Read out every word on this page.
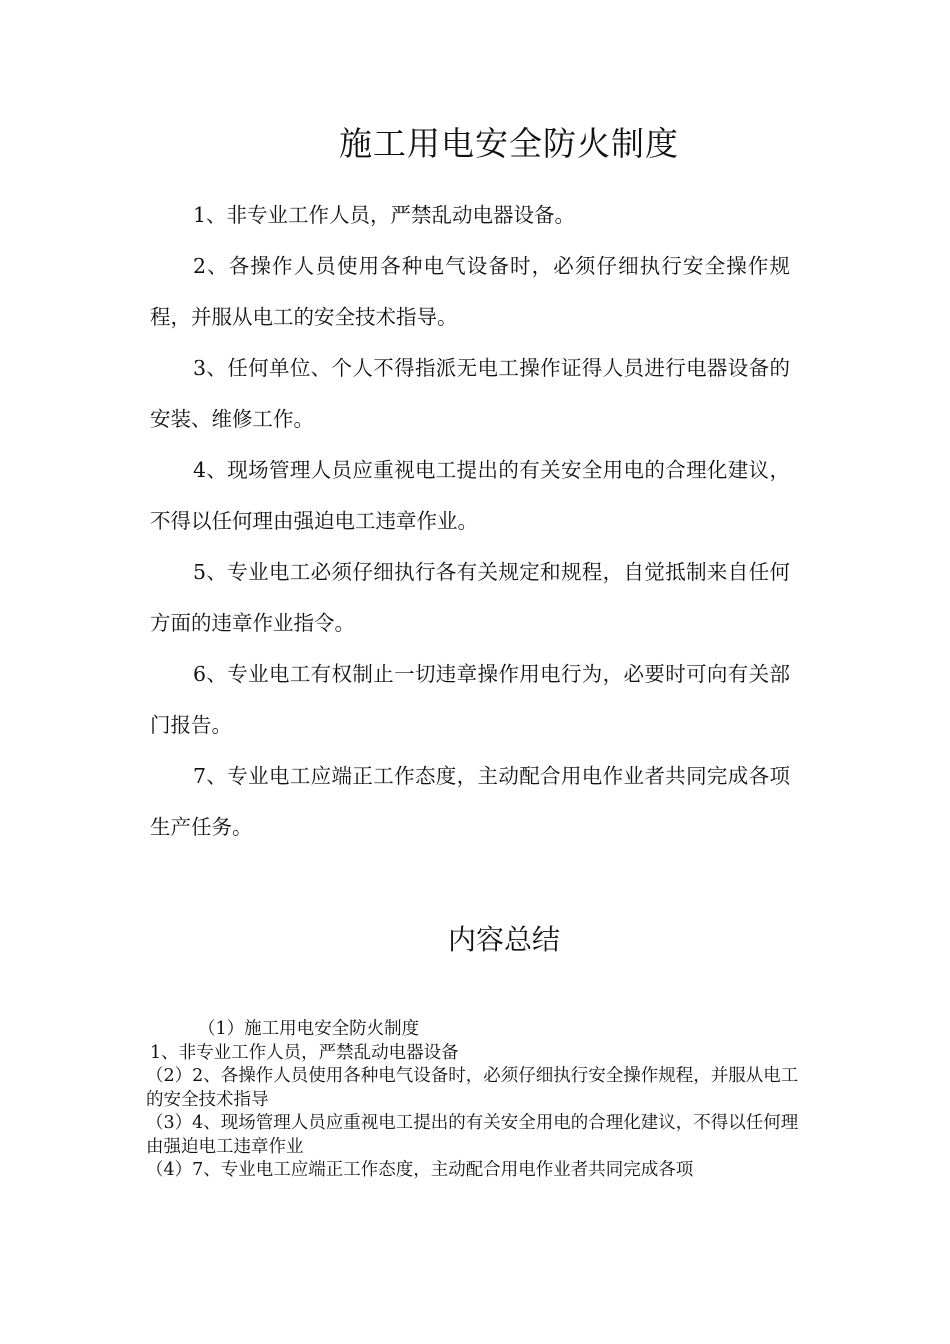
施工用电安全防火制度
1、非专业工作人员，严禁乱动电器设备。
2、各操作人员使用各种电气设备时，必须仔细执行安全操作规程，并服从电工的安全技术指导。
3、任何单位、个人不得指派无电工操作证得人员进行电器设备的安装、维修工作。
4、现场管理人员应重视电工提出的有关安全用电的合理化建议，不得以任何理由强迫电工违章作业。
5、专业电工必须仔细执行各有关规定和规程，自觉抵制来自任何方面的违章作业指令。
6、专业电工有权制止一切违章操作用电行为，必要时可向有关部门报告。
7、专业电工应端正工作态度，主动配合用电作业者共同完成各项生产任务。
内容总结
（1）施工用电安全防火制度
1、非专业工作人员，严禁乱动电器设备
（2）2、各操作人员使用各种电气设备时，必须仔细执行安全操作规程，并服从电工的安全技术指导
（3）4、现场管理人员应重视电工提出的有关安全用电的合理化建议，不得以任何理由强迫电工违章作业
（4）7、专业电工应端正工作态度，主动配合用电作业者共同完成各项
